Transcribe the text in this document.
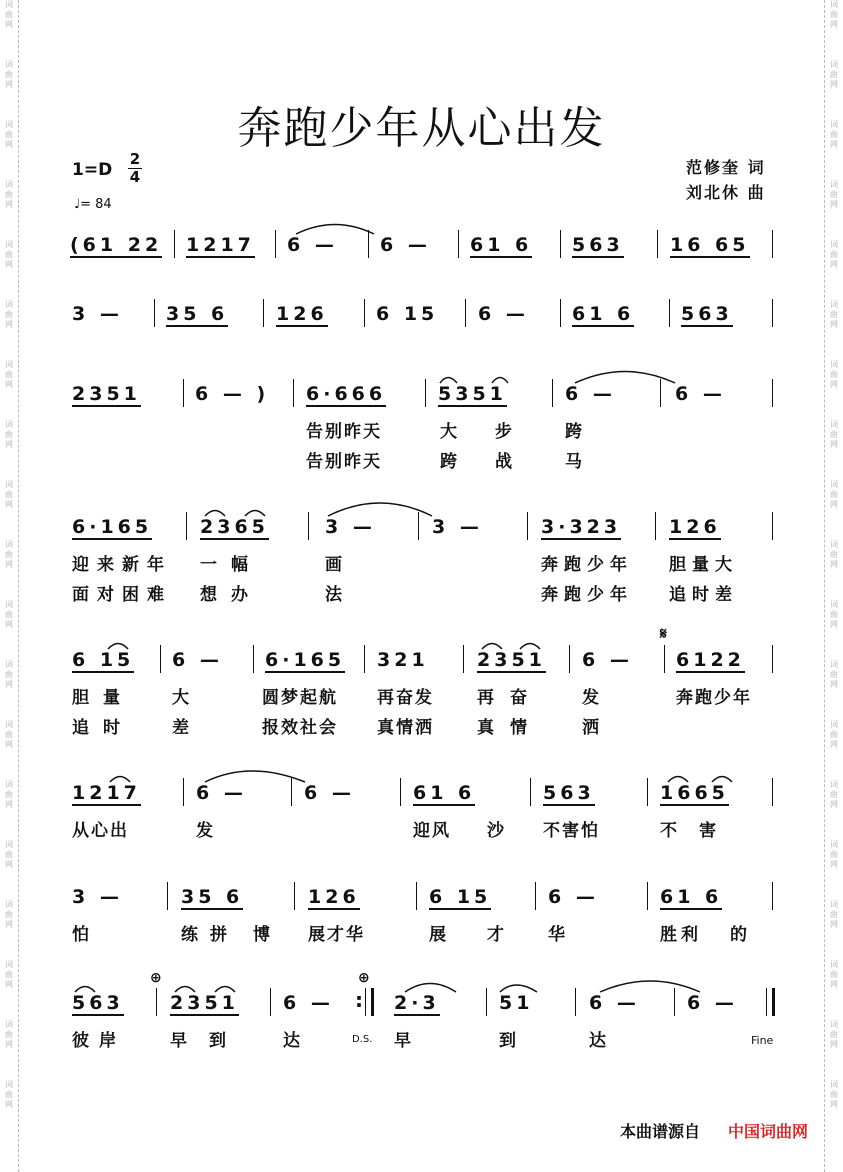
奔跑少年从心出发
1=D
2
4
♩= 84
范修奎 词
刘北休 曲
(61 22 1217 6 — 6 — 61 6 563 16 65
3 — 35 6	126	6 15 6 — 61 6 563
2351	6 — ) 6·666	5351	6 —	6 —
告别昨天	大 步	跨
告别昨天	跨 战	马
6·165	2365	3 —	3 —	3·323	126
迎来新年 一幅	画	奔跑少年 胆量大
面对困难 想办	法	奔跑少年 追时差
6 15 6 — 6·165 321	2351 6 — 6122
𝄋
胆量 大	圆梦起航 再奋发	再奋 发	奔跑少年
追时 差	报效社会 真情洒	真情 洒
1217	6 —	6 —	61 6	563	1665
从心出	发	迎风 沙 不害怕	不害
3 —	35 6	126	6 15	6 —	61 6
怕	练拼 博 展才华	展 才 华	胜利 的
563 2351 6 — : 2·3	51	6 — 6 —
⊕	⊕
彼岸	早到 达	D.S. 早	到	达	Fine
本曲谱源自 中国词曲网
词
曲
网
词
曲
网
词
曲
网
词
曲
网
词
曲
网
词
曲
网
词
曲
网
词
曲
网
词
曲
网
词
曲
网
词
曲
网
词
曲
网
词
曲
网
词
曲
网
词
曲
网
词
曲
网
词
曲
网
词
曲
网
词
曲
网
词
曲
网
词
曲
网
词
曲
网
词
曲
网
词
曲
网
词
曲
网
词
曲
网
词
曲
网
词
曲
网
词
曲
网
词
曲
网
词
曲
网
词
曲
网
词
曲
网
词
曲
网
词
曲
网
词
曲
网
词
曲
网
词
曲
网
